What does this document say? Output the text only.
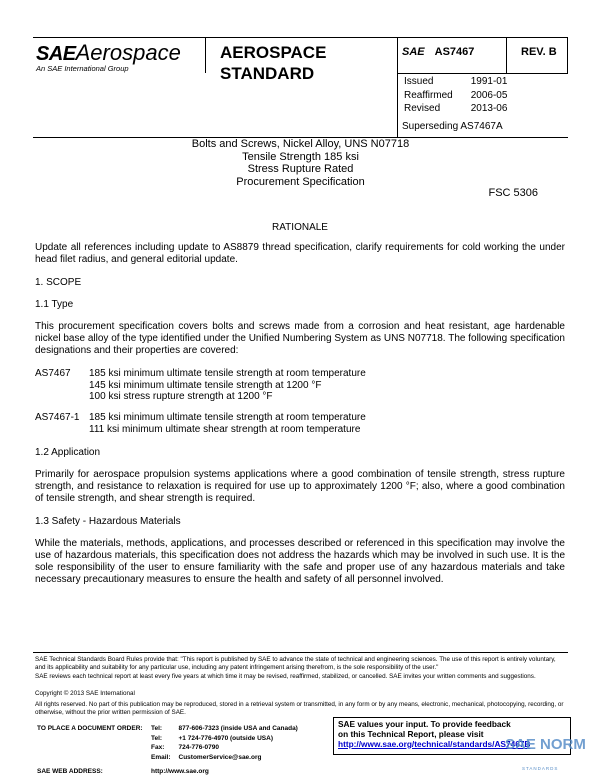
SAEAerospace
An SAE International Group
AEROSPACE
STANDARD
SAE AS7467	REV. B
Issued	1991-01
Reaffirmed	2006-05
Revised	2013-06
Superseding AS7467A
Bolts and Screws, Nickel Alloy, UNS N07718
Tensile Strength 185 ksi
Stress Rupture Rated
Procurement Specification
FSC 5306
RATIONALE
Update all references including update to AS8879 thread specification, clarify requirements for cold working the under head filet radius, and general editorial update.
1. SCOPE
1.1 Type
This procurement specification covers bolts and screws made from a corrosion and heat resistant, age hardenable nickel base alloy of the type identified under the Unified Numbering System as UNS N07718. The following specification designations and their properties are covered:
AS7467 185 ksi minimum ultimate tensile strength at room temperature
145 ksi minimum ultimate tensile strength at 1200 °F
100 ksi stress rupture strength at 1200 °F
AS7467-1 185 ksi minimum ultimate tensile strength at room temperature
111 ksi minimum ultimate shear strength at room temperature
1.2 Application
Primarily for aerospace propulsion systems applications where a good combination of tensile strength, stress rupture strength, and resistance to relaxation is required for use up to approximately 1200 °F; also, where a good combination of tensile strength, and shear strength is required.
1.3 Safety - Hazardous Materials
While the materials, methods, applications, and processes described or referenced in this specification may involve the use of hazardous materials, this specification does not address the hazards which may be involved in such use. It is the sole responsibility of the user to ensure familiarity with the safe and proper use of any hazardous materials and take necessary precautionary measures to ensure the health and safety of all personnel involved.
SAE Technical Standards Board Rules provide that: "This report is published by SAE to advance the state of technical and engineering sciences. The use of this report is entirely voluntary, and its applicability and suitability for any particular use, including any patent infringement arising therefrom, is the sole responsibility of the user."
SAE reviews each technical report at least every five years at which time it may be revised, reaffirmed, stabilized, or cancelled. SAE invites your written comments and suggestions.
Copyright © 2013 SAE International
All rights reserved. No part of this publication may be reproduced, stored in a retrieval system or transmitted, in any form or by any means, electronic, mechanical, photocopying, recording, or otherwise, without the prior written permission of SAE.
TO PLACE A DOCUMENT ORDER:	Tel:	877-606-7323 (inside USA and Canada)
	Tel:	+1 724-776-4970 (outside USA)
	Fax:	724-776-0790
	Email:	CustomerService@sae.org
SAE WEB ADDRESS:	http://www.sae.org	
SAE values your input. To provide feedback
on this Technical Report, please visit
http://www.sae.org/technical/standards/AS7467B
SAE NORM
STANDARDS
